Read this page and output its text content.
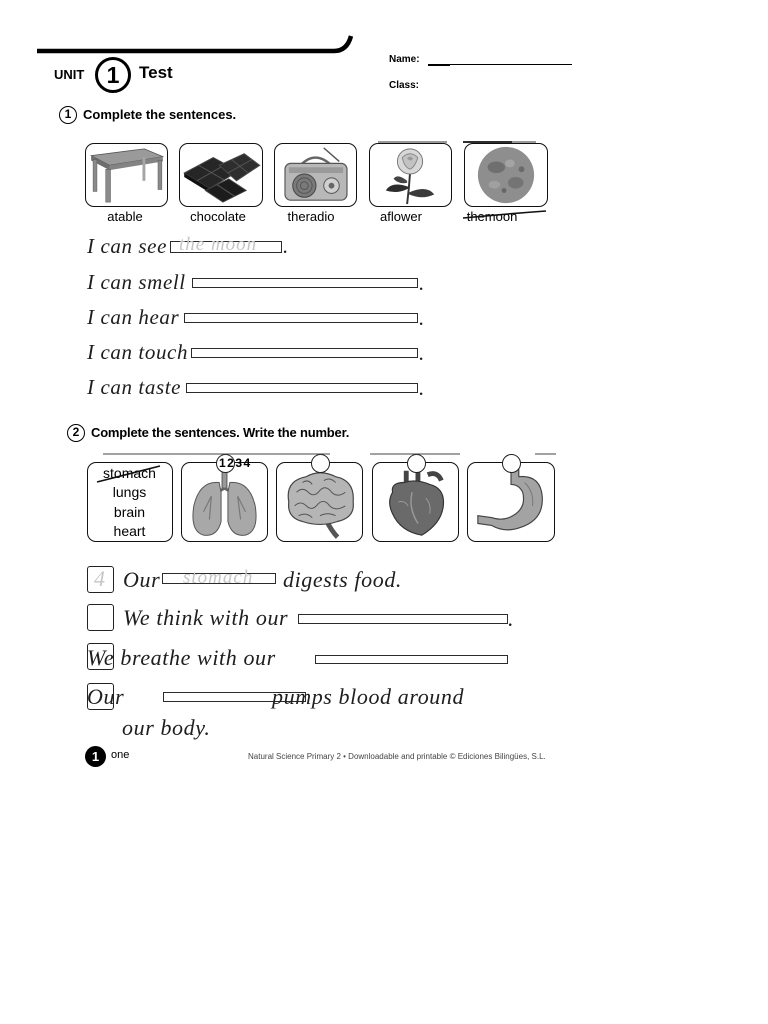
UNIT 1	Test
Name:
Class:
1 Complete the sentences.
atable	chocolate	theradio	aflower	themoon
I can see the moon .
I can smell	.
I can hear	.
I can touch	.
I can taste	.
2 Complete the sentences. Write the number.
stomach
lungs
brain
heart
1234
4 Our stomach digests food.
We think with our	.
We breathe with our
Our	pumps blood around
our body.
1	one	Natural Science Primary 2 • Downloadable and printable © Ediciones Bilingües, S.L.
